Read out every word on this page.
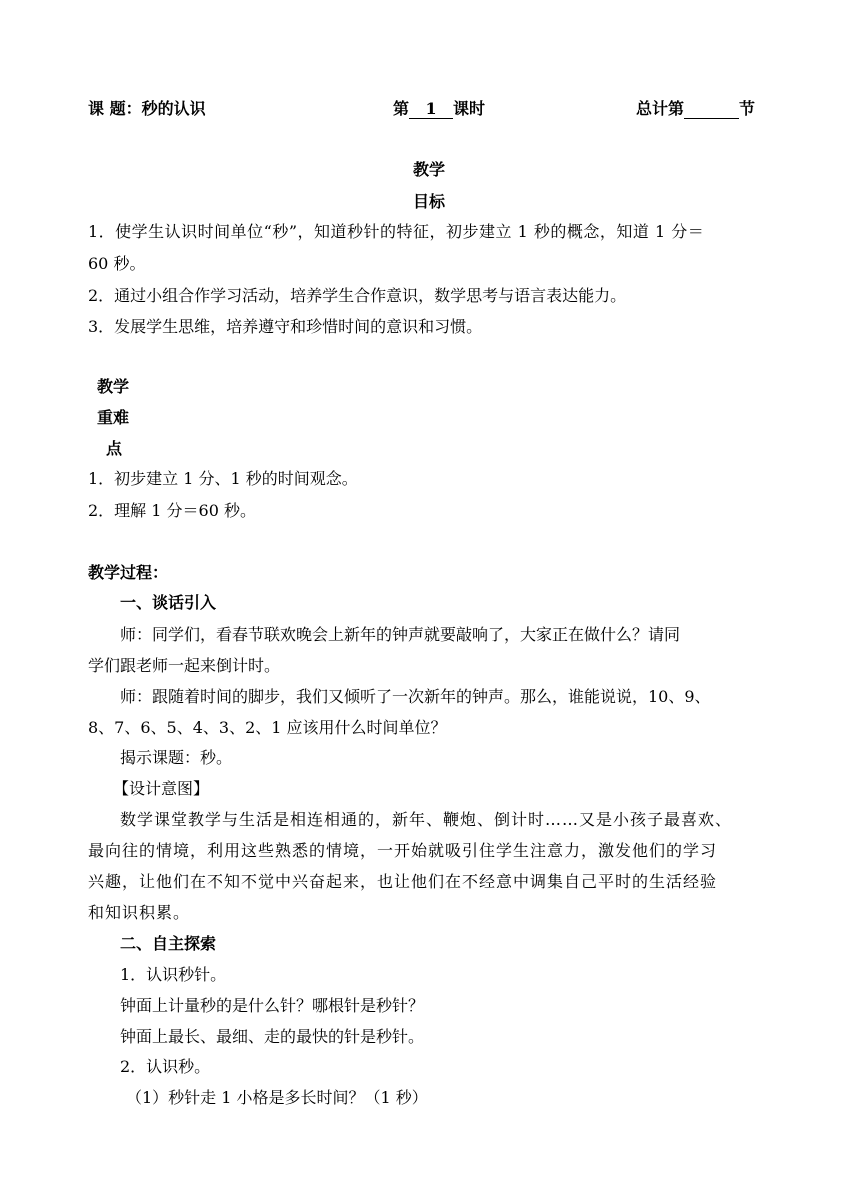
课 题：秒的认识	第 1 课时	总计第	节
教学
目标
1．使学生认识时间单位“秒”，知道秒针的特征，初步建立 1 秒的概念，知道 1 分＝
60 秒。
2．通过小组合作学习活动，培养学生合作意识，数学思考与语言表达能力。
3．发展学生思维，培养遵守和珍惜时间的意识和习惯。
教学
重难
点
1．初步建立 1 分、1 秒的时间观念。
2．理解 1 分＝60 秒。
教学过程：
一、谈话引入
师：同学们，看春节联欢晚会上新年的钟声就要敲响了，大家正在做什么？请同
学们跟老师一起来倒计时。
师：跟随着时间的脚步，我们又倾听了一次新年的钟声。那么，谁能说说，10、9、
8、7、6、5、4、3、2、1 应该用什么时间单位？
揭示课题：秒。
【设计意图】
数学课堂教学与生活是相连相通的，新年、鞭炮、倒计时……又是小孩子最喜欢、
最向往的情境，利用这些熟悉的情境，一开始就吸引住学生注意力，激发他们的学习
兴趣，让他们在不知不觉中兴奋起来，也让他们在不经意中调集自己平时的生活经验
和知识积累。
二、自主探索
1．认识秒针。
钟面上计量秒的是什么针？哪根针是秒针？
钟面上最长、最细、走的最快的针是秒针。
2．认识秒。
（1）秒针走 1 小格是多长时间？（1 秒）
